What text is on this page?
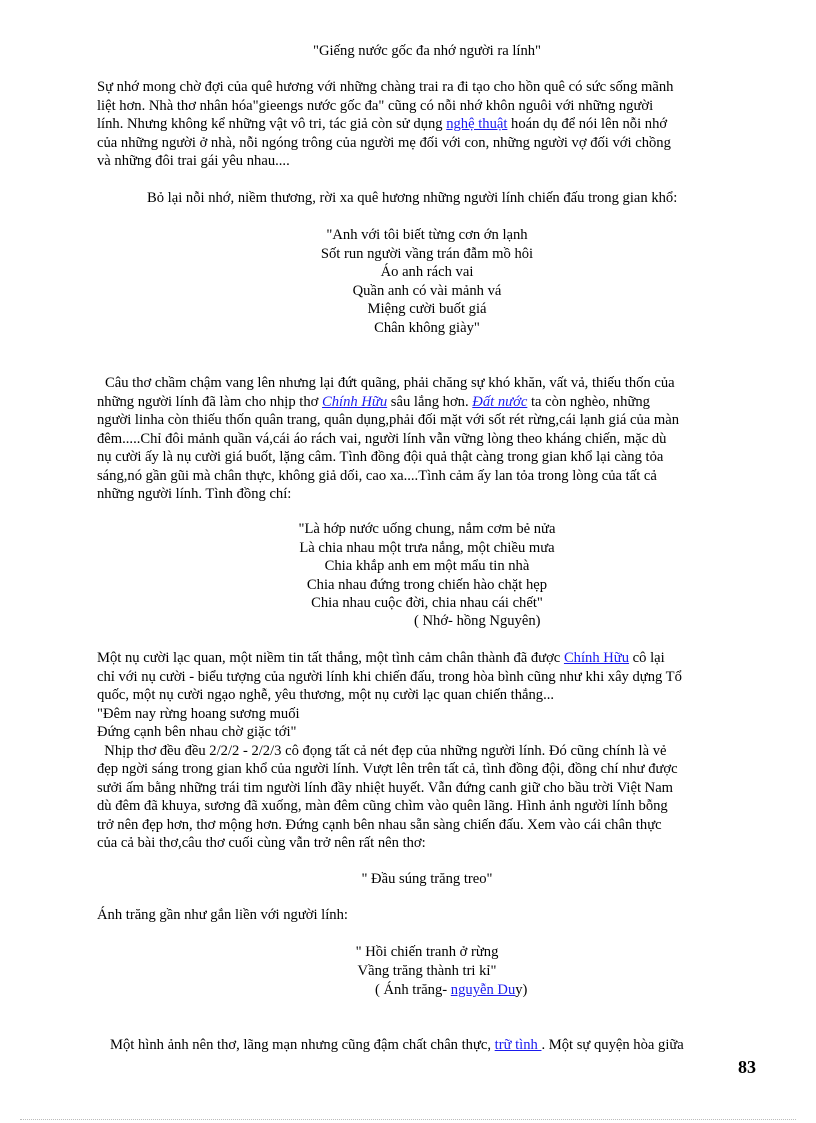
"Giếng nước gốc đa nhớ người ra lính"
Sự nhớ mong chờ đợi của quê hương với những chàng trai ra đi tạo cho hồn quê có sức sống mãnh
liệt hơn. Nhà thơ nhân hóa"gieengs nước gốc đa" cũng có nỗi nhớ khôn nguôi với những người
lính. Nhưng không kể những vật vô tri, tác giả còn sử dụng nghệ thuật hoán dụ để nói lên nỗi nhớ
của những người ở nhà, nỗi ngóng trông của người mẹ đối với con, những người vợ đối với chồng
và những đôi trai gái yêu nhau....
Bỏ lại nỗi nhớ, niềm thương, rời xa quê hương những người lính chiến đấu trong gian khổ:
"Anh với tôi biết từng cơn ớn lạnh
Sốt run người vầng trán đẫm mồ hôi
Áo anh rách vai
Quần anh có vài mảnh vá
Miệng cười buốt giá
Chân không giày"
Câu thơ chầm chậm vang lên nhưng lại đứt quãng, phải chăng sự khó khăn, vất vả, thiếu thốn của
những người lính đã làm cho nhịp thơ Chính Hữu sâu lắng hơn. Đất nước ta còn nghèo, những
người linha còn thiếu thốn quân trang, quân dụng,phải đối mặt với sốt rét rừng,cái lạnh giá của màn
đêm.....Chỉ đôi mảnh quần vá,cái áo rách vai, người lính vẫn vững lòng theo kháng chiến, mặc dù
nụ cười ấy là nụ cười giá buốt, lặng câm. Tình đồng đội quả thật càng trong gian khổ lại càng tỏa
sáng,nó gần gũi mà chân thực, không giả dối, cao xa....Tình cảm ấy lan tỏa trong lòng của tất cả
những người lính. Tình đồng chí:
"Là hớp nước uống chung, nắm cơm bẻ nửa
Là chia nhau một trưa nắng, một chiều mưa
Chia khắp anh em một mẩu tin nhà
Chia nhau đứng trong chiến hào chặt hẹp
Chia nhau cuộc đời, chia nhau cái chết"
( Nhớ- hồng Nguyên)
Một nụ cười lạc quan, một niềm tin tất thắng, một tình cảm chân thành đã được Chính Hữu cô lại
chỉ với nụ cười - biểu tượng của người lính khi chiến đấu, trong hòa bình cũng như khi xây dựng Tổ
quốc, một nụ cười ngạo nghễ, yêu thương, một nụ cười lạc quan chiến thắng...
"Đêm nay rừng hoang sương muối
Đứng cạnh bên nhau chờ giặc tới"
Nhịp thơ đều đều 2/2/2 - 2/2/3 cô đọng tất cả nét đẹp của những người lính. Đó cũng chính là vẻ
đẹp ngời sáng trong gian khổ của người lính. Vượt lên trên tất cả, tình đồng đội, đồng chí như được
sưởi ấm bằng những trái tim người lính đầy nhiệt huyết. Vẫn đứng canh giữ cho bầu trời Việt Nam
dù đêm đã khuya, sương đã xuống, màn đêm cũng chìm vào quên lãng. Hình ảnh người lính bỗng
trở nên đẹp hơn, thơ mộng hơn. Đứng cạnh bên nhau sẵn sàng chiến đấu. Xem vào cái chân thực
của cả bài thơ,câu thơ cuối cùng vẫn trở nên rất nên thơ:
" Đầu súng trăng treo"
Ánh trăng gần như gắn liền với người lính:
" Hồi chiến tranh ở rừng
Vầng trăng thành tri kỉ"
( Ánh trăng- nguyễn Duy)
Một hình ảnh nên thơ, lãng mạn nhưng cũng đậm chất chân thực, trữ tình . Một sự quyện hòa giữa
83
